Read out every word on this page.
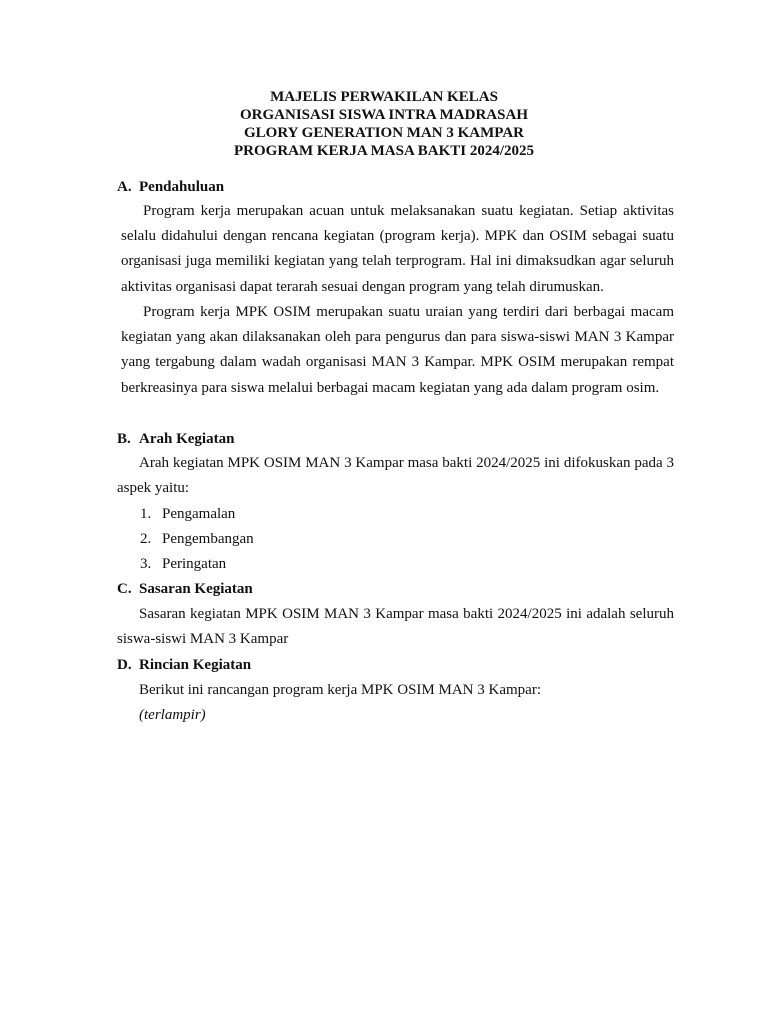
MAJELIS PERWAKILAN KELAS
ORGANISASI SISWA INTRA MADRASAH
GLORY GENERATION MAN 3 KAMPAR
PROGRAM KERJA MASA BAKTI 2024/2025
A. Pendahuluan

Program kerja merupakan acuan untuk melaksanakan suatu kegiatan. Setiap aktivitas selalu didahului dengan rencana kegiatan (program kerja). MPK dan OSIM sebagai suatu organisasi juga memiliki kegiatan yang telah terprogram. Hal ini dimaksudkan agar seluruh aktivitas organisasi dapat terarah sesuai dengan program yang telah dirumuskan.

Program kerja MPK OSIM merupakan suatu uraian yang terdiri dari berbagai macam kegiatan yang akan dilaksanakan oleh para pengurus dan para siswa-siswi MAN 3 Kampar yang tergabung dalam wadah organisasi MAN 3 Kampar. MPK OSIM merupakan rempat berkreasinya para siswa melalui berbagai macam kegiatan yang ada dalam program osim.

B. Arah Kegiatan

Arah kegiatan MPK OSIM MAN 3 Kampar masa bakti 2024/2025 ini difokuskan pada 3 aspek yaitu:

1. Pengamalan
2. Pengembangan
3. Peringatan
C. Sasaran Kegiatan

Sasaran kegiatan MPK OSIM MAN 3 Kampar masa bakti 2024/2025 ini adalah seluruh siswa-siswi MAN 3 Kampar

D. Rincian Kegiatan
Berikut ini rancangan program kerja MPK OSIM MAN 3 Kampar:
(terlampir)
